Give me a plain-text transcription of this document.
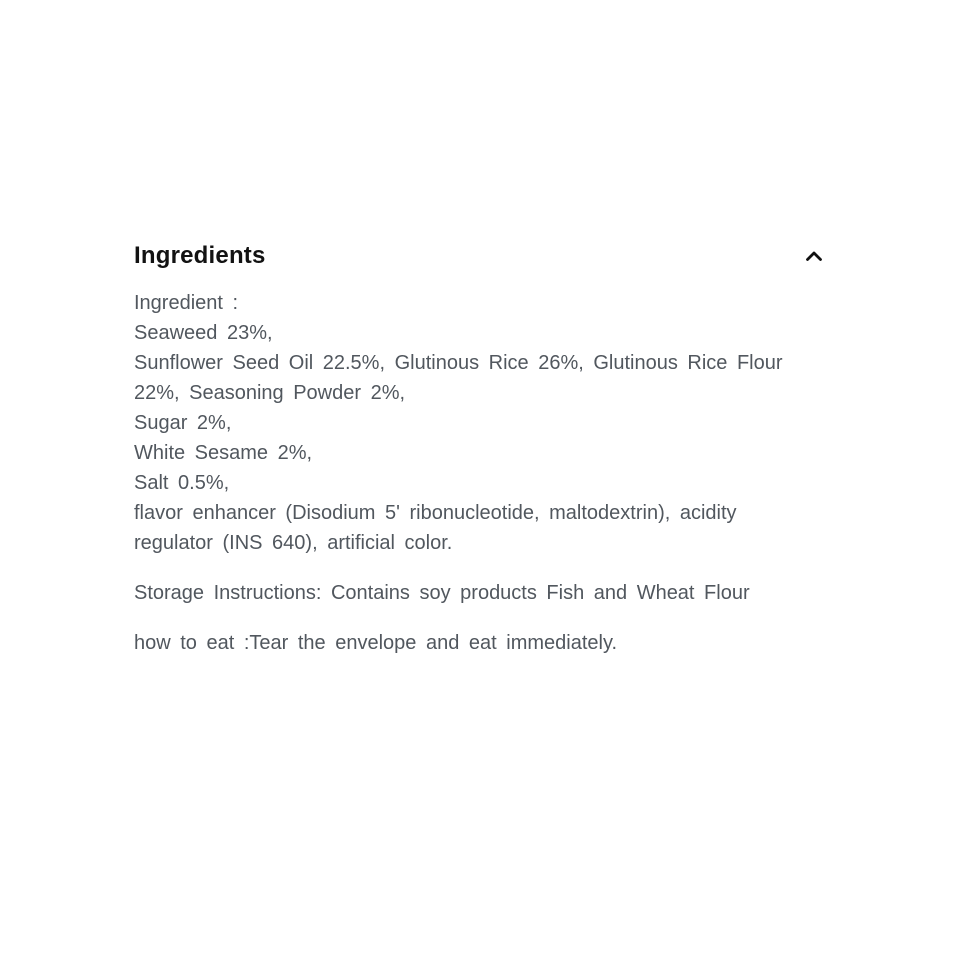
Ingredients
Ingredient :
Seaweed 23%,
Sunflower Seed Oil 22.5%, Glutinous Rice 26%, Glutinous Rice Flour
22%, Seasoning Powder 2%,
Sugar 2%,
White Sesame 2%,
Salt 0.5%,
flavor enhancer (Disodium 5' ribonucleotide, maltodextrin), acidity
regulator (INS 640), artificial color.

Storage Instructions: Contains soy products Fish and Wheat Flour

how to eat :Tear the envelope and eat immediately.
